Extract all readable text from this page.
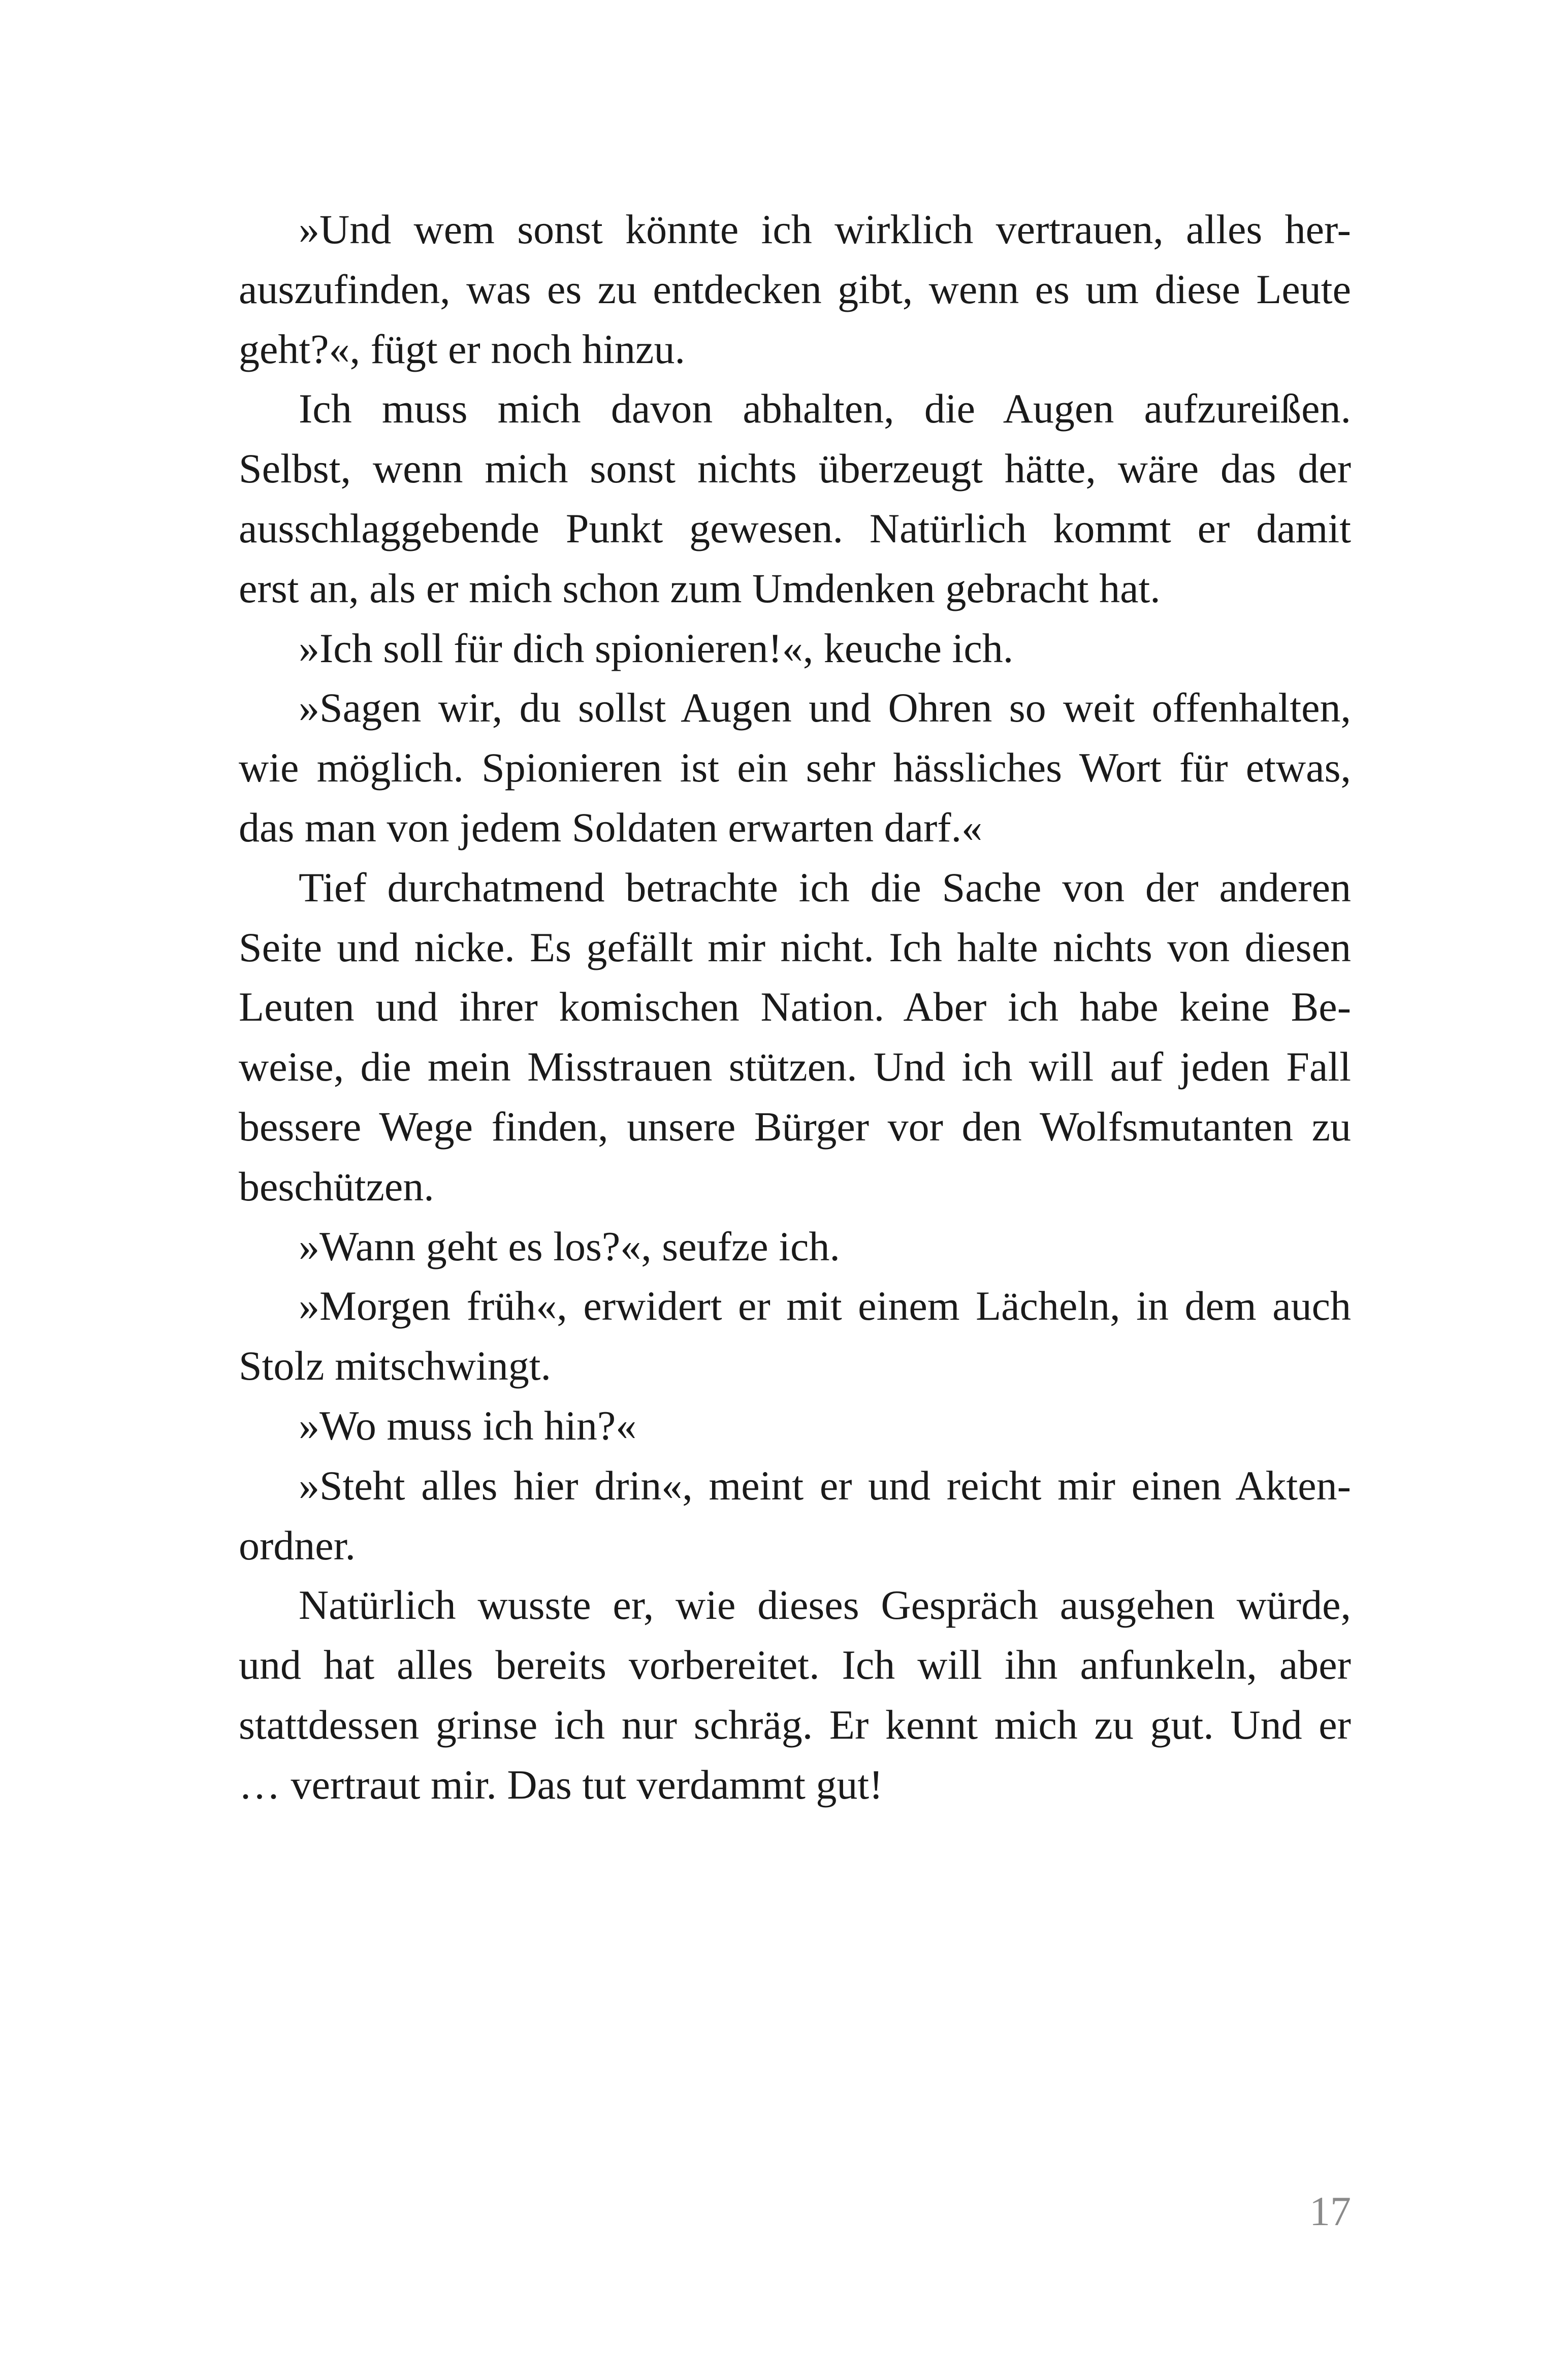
»Und wem sonst könnte ich wirklich vertrauen, alles her-
auszufinden, was es zu entdecken gibt, wenn es um diese Leute
geht?«, fügt er noch hinzu.
Ich muss mich davon abhalten, die Augen aufzureißen.
Selbst, wenn mich sonst nichts überzeugt hätte, wäre das der
ausschlaggebende Punkt gewesen. Natürlich kommt er damit
erst an, als er mich schon zum Umdenken gebracht hat.
»Ich soll für dich spionieren!«, keuche ich.
»Sagen wir, du sollst Augen und Ohren so weit offenhalten,
wie möglich. Spionieren ist ein sehr hässliches Wort für etwas,
das man von jedem Soldaten erwarten darf.«
Tief durchatmend betrachte ich die Sache von der anderen
Seite und nicke. Es gefällt mir nicht. Ich halte nichts von diesen
Leuten und ihrer komischen Nation. Aber ich habe keine Be-
weise, die mein Misstrauen stützen. Und ich will auf jeden Fall
bessere Wege finden, unsere Bürger vor den Wolfsmutanten zu
beschützen.
»Wann geht es los?«, seufze ich.
»Morgen früh«, erwidert er mit einem Lächeln, in dem auch
Stolz mitschwingt.
»Wo muss ich hin?«
»Steht alles hier drin«, meint er und reicht mir einen Akten-
ordner.
Natürlich wusste er, wie dieses Gespräch ausgehen würde,
und hat alles bereits vorbereitet. Ich will ihn anfunkeln, aber
stattdessen grinse ich nur schräg. Er kennt mich zu gut. Und er
… vertraut mir. Das tut verdammt gut!
17
